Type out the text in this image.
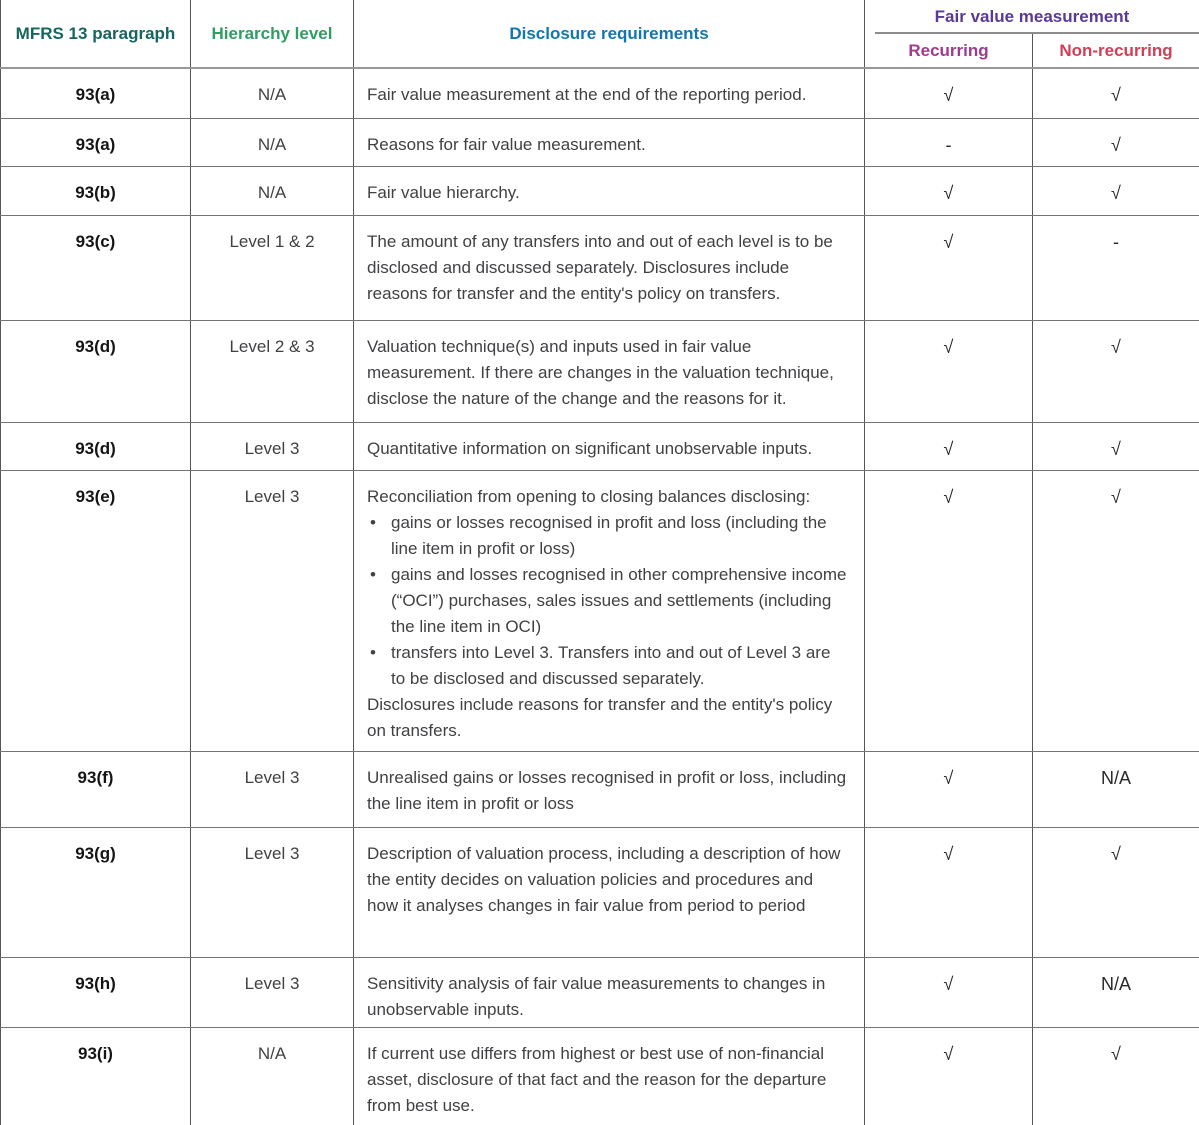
MFRS 13 paragraph	Hierarchy level	Disclosure requirements	Fair value measurement	
			Recurring	Non-recurring
93(a)	N/A	Fair value measurement at the end of the reporting period.	√	√
93(a)	N/A	Reasons for fair value measurement.	-	√
93(b)	N/A	Fair value hierarchy.	√	√
93(c)	Level 1 & 2	The amount of any transfers into and out of each level is to be disclosed and discussed separately. Disclosures include reasons for transfer and the entity's policy on transfers.	√	-
93(d)	Level 2 & 3	Valuation technique(s) and inputs used in fair value measurement. If there are changes in the valuation technique, disclose the nature of the change and the reasons for it.	√	√
93(d)	Level 3	Quantitative information on significant unobservable inputs.	√	√
93(e)	Level 3	Reconciliation from opening to closing balances disclosing:
• gains or losses recognised in profit and loss (including the line item in profit or loss)
• gains and losses recognised in other comprehensive income (“OCI”) purchases, sales issues and settlements (including the line item in OCI)
• transfers into Level 3. Transfers into and out of Level 3 are to be disclosed and discussed separately.
Disclosures include reasons for transfer and the entity's policy on transfers.
	√	√
93(f)	Level 3	Unrealised gains or losses recognised in profit or loss, including the line item in profit or loss	√	N/A
93(g)	Level 3	Description of valuation process, including a description of how the entity decides on valuation policies and procedures and how it analyses changes in fair value from period to period	√	√
93(h)	Level 3	Sensitivity analysis of fair value measurements to changes in unobservable inputs.	√	N/A
93(i)	N/A	If current use differs from highest or best use of non-financial asset, disclosure of that fact and the reason for the departure from best use.	√	√
